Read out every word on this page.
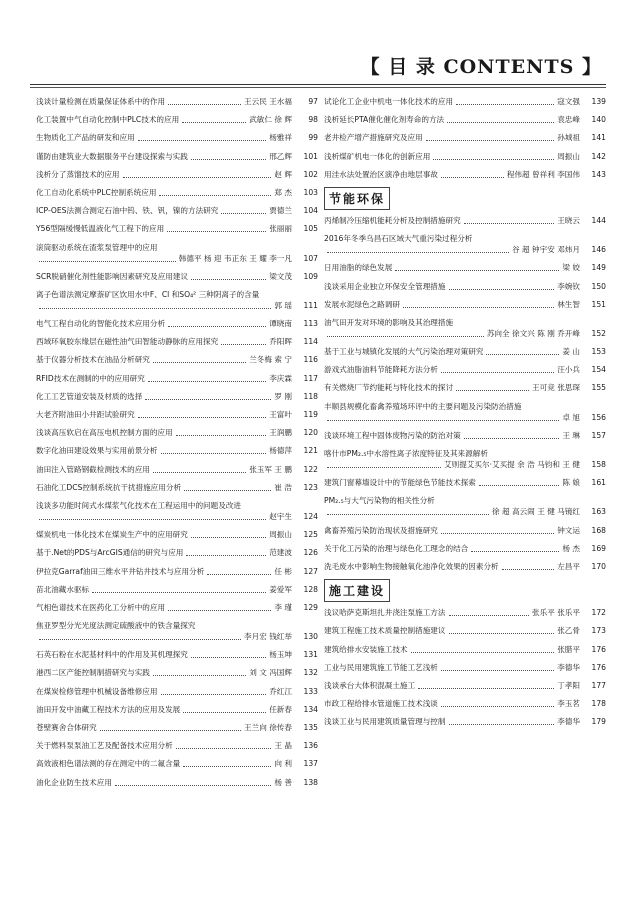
【 目 录 CONTENTS 】
浅谈计量检测在质量保证体系中的作用	王云民 王水福	97
化工装置中气自动化控制中PLC技术的应用	武敏仁 徐 辉	98
生物质化工产品的研发和应用	杨雅祥	99
谨防由建筑业大数据服务平台建设探索与实践	邢乙辉	101
浅析分了蒸馏技术的应用	赵 辉	102
化工自动化系统中PLC控制系统应用	郑 杰	103
ICP-OES法测合测定石油中钨、铁、钒，镍的方法研究	贾德兰	104
Y56型隔缓慢低温液化气工程下的应用	张丽丽	105
滚筒驱动系统在渣浆泵管理中的应用
韩德平 杨 迎 韦正东 王 耀 李一凡	107
SCR脱硝催化剂性能影响因素研究及应用建议	梁文茂	109
离子色谱法测定摩萘矿区饮用水中F、Cl 和SO₄² 三种阴离子的含量
郭 瑶	111
电气工程自动化的智能化技术应用分析	谭晓南	113
西域环氧胶东缘层在磁性油气田智能动静脉的应用探究	乔阳晖	114
基于仪器分析技术在油品分析研究	兰冬梅 索 宁	116
RFID技术在测制的中的应用研究	李庆霖	117
化工工艺管道安装及材质的选择	罗 刚	118
大老齐附油田小井距试验研究	王富叶	119
浅谈高压软启在高压电机控制方面的应用	王润鹏	120
数字化油田建设效果与实用前景分析	杨德萍	121
油田注入管路钢截检测技术的应用	张玉军 王 鹏	122
石油化工DCS控制系统抗干扰措施应用分析	崔 浩	123
浅谈多功能时间式水煤浆气化技术在工程运用中的问题及改进
赵宇生	124
煤炭机电一体化技术在煤炭生产中的应用研究	周振山	125
基于.Net的PDS与ArcGIS通信的研究与应用	范建波	126
伊拉克Garraf油田三维水平井钻井技术与应用分析	任 彬	127
苗北油藏水驱标	姜爱军	128
气相色谱技术在医药化工分析中的应用	李 瑾	129
焦亚罗型分光光度法测定硫酸液中的铁含量探究
李月宏 钱红举	130
石英石粉在水泥基材料中的作用及其机理探究	杨玉坤	131
港西二区产能控制制措研究与实践	刘 文 冯国辉	132
在煤炭检修管理中机械设备维修应用	乔红江	133
油田开发中油藏工程技术方法的应用及发展	任新春	134
苍壁赛舍合体研究	王兰向 徐传春	135
关于燃料泵泵油工艺及配备技术应用分析	王 晶	136
高效液相色谱法测的存在测定中的二氟含量	向 利	137
油化企业防生技术应用	杨 善	138
试论化工企业中机电一体化技术的应用	寇文强	139
浅析延长PTA催化催化剂寿命的方法	袁忠峰	140
老井检产增产措施研究及应用	孙城祖	141
浅析煤矿机电一体化的创新应用	周振山	142
用洼水法处置治区演净由地层事故	程伟超 曾祥利 李国伟	143
节能环保
丙烯制冷压缩机能耗分析及控制措施研究	王晓云	144
2016年冬季乌昌石区域大气重污染过程分析
谷 超 钟宇安 邓炜月	146
日用油脂的绿色发展	梁 姣	149
浅谈采用企业独立环保安全管理措施	李婉钦	150
发展水泥绿色之路调研	林生智	151
油气田开发对环境的影响及其治理措施
苏向全 徐文兴 陈 刚 乔开峰	152
基于工业与城镇化发展的大气污染治理对策研究	姜 山	153
游戏式油脂油料节能降耗方法分析	汪小兵	154
有关燃烧厂节约能耗与特化技术的探讨	王可竞 张思琛	155
丰顺县规模化畜禽养殖场环评中的主要问题及污染防治措施
卓 旭	156
浅谈环境工程中固体废物污染的防治对策	王 琳	157
喀什市PM₂.₅中水溶性离子浓度特征及其来源解析
艾则提艾买尔·艾买提 余 浩 马钧和 王 健	158
建筑门窗幕墙设计中的节能绿色节能技术探索	陈 娘	161
PM₂.₅与大气污染物的相关性分析
徐 超 高云闹 王 健 马镜红	163
禽畜养殖污染防治现状及措施研究	钟文运	168
关于化工污染的治理与绿色化工理念的结合	杨 杰	169
洗毛废水中影响生物接触氧化池净化效果的因素分析	左昌平	170
施工建设
浅议哈萨克斯坦扎井浇注泵施工方法	张乐平 张乐平	172
建筑工程施工技术质量控制措施建议	张乙骨	173
建筑给排水安装施工技术	张腊平	176
工业与民用建筑施工节能工艺浅析	李德华	176
浅谈承台大体积混凝土施工	丁孝阳	177
市政工程给排水管道施工技术浅谈	李玉茗	178
浅谈工业与民用建筑质量管理与控制	李德华	179
